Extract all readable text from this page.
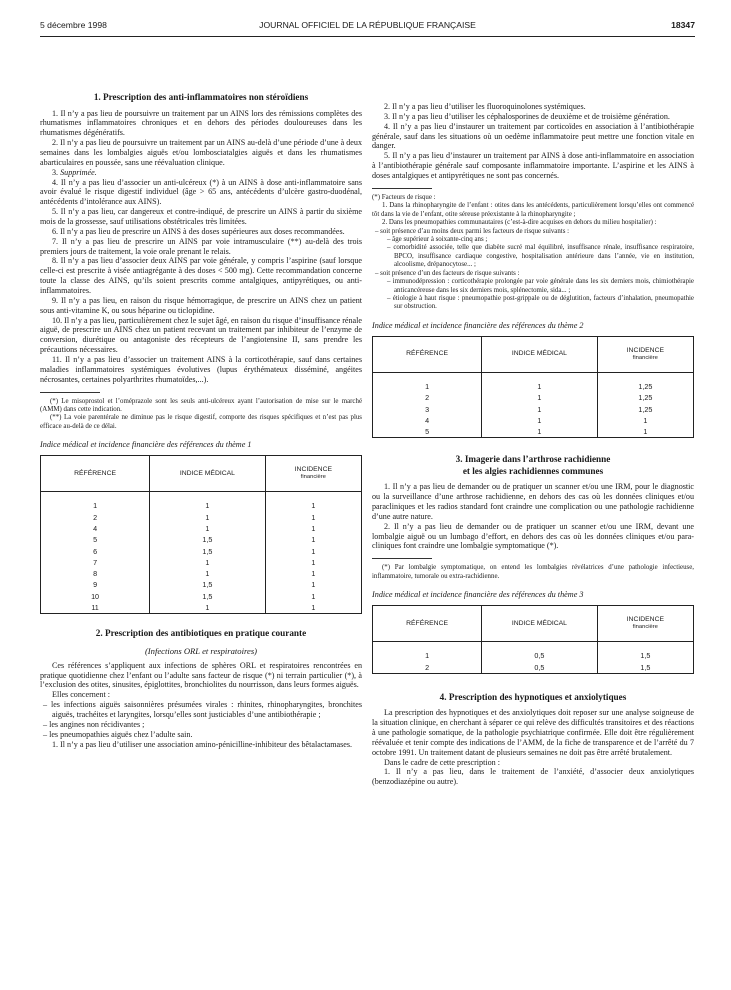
5 décembre 1998	JOURNAL OFFICIEL DE LA RÉPUBLIQUE FRANÇAISE	18347
1. Prescription des anti-inflammatoires non stéroïdiens

1. Il n’y a pas lieu de poursuivre un traitement par un AINS lors des rémissions complètes des rhumatismes inflammatoires chroniques et en dehors des périodes douloureuses dans les rhumatismes dégénératifs.

2. Il n’y a pas lieu de poursuivre un traitement par un AINS au-delà d’une période d’une à deux semaines dans les lombalgies aiguës et/ou lombosciatalgies aiguës et dans les rhumatismes abarticulaires en poussée, sans une réévaluation clinique.

3. Supprimée.

4. Il n’y a pas lieu d’associer un anti-ulcéreux (*) à un AINS à dose anti-inflammatoire sans avoir évalué le risque digestif individuel (âge > 65 ans, antécédents d’ulcère gastro-duodénal, antécédents d’intolérance aux AINS).

5. Il n’y a pas lieu, car dangereux et contre-indiqué, de prescrire un AINS à partir du sixième mois de la grossesse, sauf utilisations obstétricales très limitées.

6. Il n’y a pas lieu de prescrire un AINS à des doses supérieures aux doses recommandées.

7. Il n’y a pas lieu de prescrire un AINS par voie intramusculaire (**) au-delà des trois premiers jours de traitement, la voie orale prenant le relais.

8. Il n’y a pas lieu d’associer deux AINS par voie générale, y compris l’aspirine (sauf lorsque celle-ci est prescrite à visée antiagrégante à des doses < 500 mg). Cette recommandation concerne toute la classe des AINS, qu’ils soient prescrits comme antalgiques, antipyrétiques, ou anti-inflammatoires.

9. Il n’y a pas lieu, en raison du risque hémorragique, de prescrire un AINS chez un patient sous anti-vitamine K, ou sous héparine ou ticlopidine.

10. Il n’y a pas lieu, particulièrement chez le sujet âgé, en raison du risque d’insuffisance rénale aiguë, de prescrire un AINS chez un patient recevant un traitement par inhibiteur de l’enzyme de conversion, diurétique ou antagoniste des récepteurs de l’angiotensine II, sans prendre les précautions nécessaires.

11. Il n’y a pas lieu d’associer un traitement AINS à la corticothérapie, sauf dans certaines maladies inflammatoires systémiques évolutives (lupus érythémateux disséminé, angéites nécrosantes, certaines polyarthrites rhumatoïdes,...).

(*) Le misoprostol et l’oméprazole sont les seuls anti-ulcéreux ayant l’autorisation de mise sur le marché (AMM) dans cette indication.

(**) La voie parentérale ne diminue pas le risque digestif, comporte des risques spécifiques et n’est pas plus efficace au-delà de ce délai.

Indice médical et incidence financière des références du thème 1
RÉFÉRENCE	INDICE MÉDICAL	INCIDENCE
financière

1	1	1
2	1	1
4	1	1
5	1,5	1
6	1,5	1
7	1	1
8	1	1
9	1,5	1
10	1,5	1
11	1	1
2. Prescription des antibiotiques en pratique courante
(Infections ORL et respiratoires)

Ces références s’appliquent aux infections de sphères ORL et respiratoires rencontrées en pratique quotidienne chez l’enfant ou l’adulte sans facteur de risque (*) ni terrain particulier (*), à l’exclusion des otites, sinusites, épiglottites, bronchiolites du nourrisson, dans leurs formes aiguës.

Elles concernent :

– les infections aiguës saisonnières présumées virales : rhinites, rhinopharyngites, bronchites aiguës, trachéites et laryngites, lorsqu’elles sont justiciables d’une antibiothérapie ;

– les angines non récidivantes ;

– les pneumopathies aiguës chez l’adulte sain.

1. Il n’y a pas lieu d’utiliser une association amino-pénicilline-inhibiteur des bêtalactamases.

2. Il n’y a pas lieu d’utiliser les fluoroquinolones systémiques.

3. Il n’y a pas lieu d’utiliser les céphalosporines de deuxième et de troisième génération.

4. Il n’y a pas lieu d’instaurer un traitement par corticoïdes en association à l’antibiothérapie générale, sauf dans les situations où un oedème inflammatoire peut mettre une fonction vitale en danger.

5. Il n’y a pas lieu d’instaurer un traitement par AINS à dose anti-inflammatoire en association à l’antibiothérapie générale sauf composante inflammatoire importante. L’aspirine et les AINS à doses antalgiques et antipyrétiques ne sont pas concernés.

(*) Facteurs de risque :

1. Dans la rhinopharyngite de l’enfant : otites dans les antécédents, particulièrement lorsqu’elles ont commencé tôt dans la vie de l’enfant, otite séreuse préexistante à la rhinopharyngite ;

2. Dans les pneumopathies communautaires (c’est-à-dire acquises en dehors du milieu hospitalier) :

– soit présence d’au moins deux parmi les facteurs de risque suivants :

– âge supérieur à soixante-cinq ans ;

– comorbidité associée, telle que diabète sucré mal équilibré, insuffisance rénale, insuffisance respiratoire, BPCO, insuffisance cardiaque congestive, hospitalisation antérieure dans l’année, vie en institution, alcoolisme, drépanocytose... ;

– soit présence d’un des facteurs de risque suivants :

– immunodépression : corticothérapie prolongée par voie générale dans les six derniers mois, chimiothérapie anticancéreuse dans les six derniers mois, splénectomie, sida... ;

– étiologie à haut risque : pneumopathie post-grippale ou de déglutition, facteurs d’inhalation, pneumopathie sur obstruction.

Indice médical et incidence financière des références du thème 2
RÉFÉRENCE	INDICE MÉDICAL	INCIDENCE
financière

1	1	1,25
2	1	1,25
3	1	1,25
4	1	1
5	1	1
3. Imagerie dans l’arthrose rachidienne
et les algies rachidiennes communes

1. Il n’y a pas lieu de demander ou de pratiquer un scanner et/ou une IRM, pour le diagnostic ou la surveillance d’une arthrose rachidienne, en dehors des cas où les données cliniques et/ou paracliniques et les radios standard font craindre une complication ou une pathologie rachidienne d’une autre nature.

2. Il n’y a pas lieu de demander ou de pratiquer un scanner et/ou une IRM, devant une lombalgie aiguë ou un lumbago d’effort, en dehors des cas où les données cliniques et/ou para-cliniques font craindre une lombalgie symptomatique (*).

(*) Par lombalgie symptomatique, on entend les lombalgies révélatrices d’une pathologie infectieuse, inflammatoire, tumorale ou extra-rachidienne.

Indice médical et incidence financière des références du thème 3
RÉFÉRENCE	INDICE MÉDICAL	INCIDENCE
financière

1	0,5	1,5
2	0,5	1,5
4. Prescription des hypnotiques et anxiolytiques

La prescription des hypnotiques et des anxiolytiques doit reposer sur une analyse soigneuse de la situation clinique, en cherchant à séparer ce qui relève des difficultés transitoires et des réactions à une pathologie somatique, de la pathologie psychiatrique confirmée. Elle doit être régulièrement réévaluée et tenir compte des indications de l’AMM, de la fiche de transparence et de l’arrêté du 7 octobre 1991. Un traitement datant de plusieurs semaines ne doit pas être arrêté brutalement.

Dans le cadre de cette prescription :

1. Il n’y a pas lieu, dans le traitement de l’anxiété, d’associer deux anxiolytiques (benzodiazépine ou autre).
